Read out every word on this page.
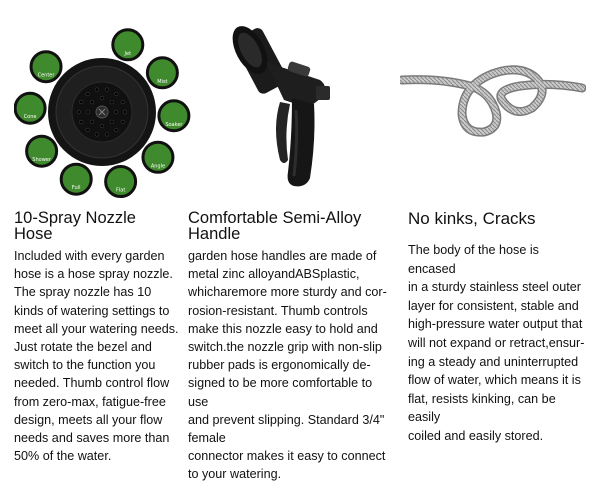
Jet
Mist
Soaker
Angle
Flat
Full
Shower
Cone
Center
10-Spray Nozzle
Hose

Included with every garden
hose is a hose spray nozzle.
The spray nozzle has 10
kinds of watering settings to
meet all your watering needs.
Just rotate the bezel and
switch to the function you
needed. Thumb control flow
from zero-max, fatigue-free
design, meets all your flow
needs and saves more than
50% of the water.

Comfortable Semi-Alloy
Handle

garden hose handles are made of
metal zinc alloyandABSplastic,
whicharemore more sturdy and cor-
rosion-resistant. Thumb controls
make this nozzle easy to hold and
switch.the nozzle grip with non-slip
rubber pads is ergonomically de-
signed to be more comfortable to use
and prevent slipping. Standard 3/4"
female
connector makes it easy to connect
to your watering.

No kinks, Cracks

The body of the hose is encased
in a sturdy stainless steel outer
layer for consistent, stable and
high-pressure water output that
will not expand or retract,ensur-
ing a steady and uninterrupted
flow of water, which means it is
flat, resists kinking, can be easily
coiled and easily stored.
